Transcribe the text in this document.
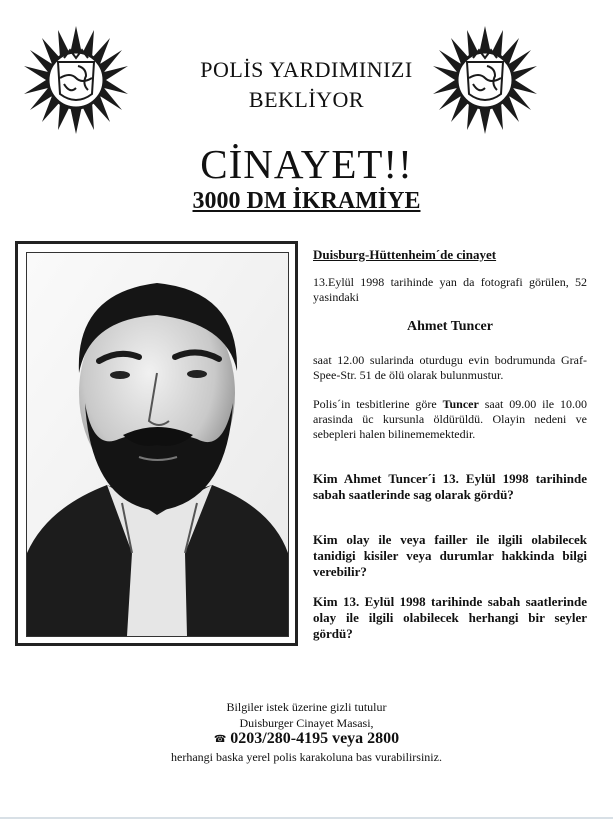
POLİS YARDIMINIZI
BEKLİYOR
CİNAYET!!
3000 DM İKRAMİYE
Duisburg-Hüttenheim´de cinayet
13.Eylül 1998 tarihinde yan da fotografi görülen, 52 yasindaki
Ahmet Tuncer
saat 12.00 sularinda oturdugu evin bodrumunda Graf-Spee-Str. 51 de ölü olarak bulunmustur.
Polis´in tesbitlerine göre Tuncer saat 09.00 ile 10.00 arasinda üc kursunla öldürüldü. Olayin nedeni ve sebepleri halen bilinememektedir.
Kim Ahmet Tuncer´i 13. Eylül 1998 tarihinde sabah saatlerinde sag olarak gördü?
Kim olay ile veya failler ile ilgili olabilecek tanidigi kisiler veya durumlar hakkinda bilgi verebilir?
Kim 13. Eylül 1998 tarihinde sabah saatlerinde olay ile ilgili olabilecek herhangi bir seyler gördü?
Bilgiler istek üzerine gizli tutulur
Duisburger Cinayet Masasi,
☎ 0203/280-4195 veya 2800
herhangi baska yerel polis karakoluna bas vurabilirsiniz.
